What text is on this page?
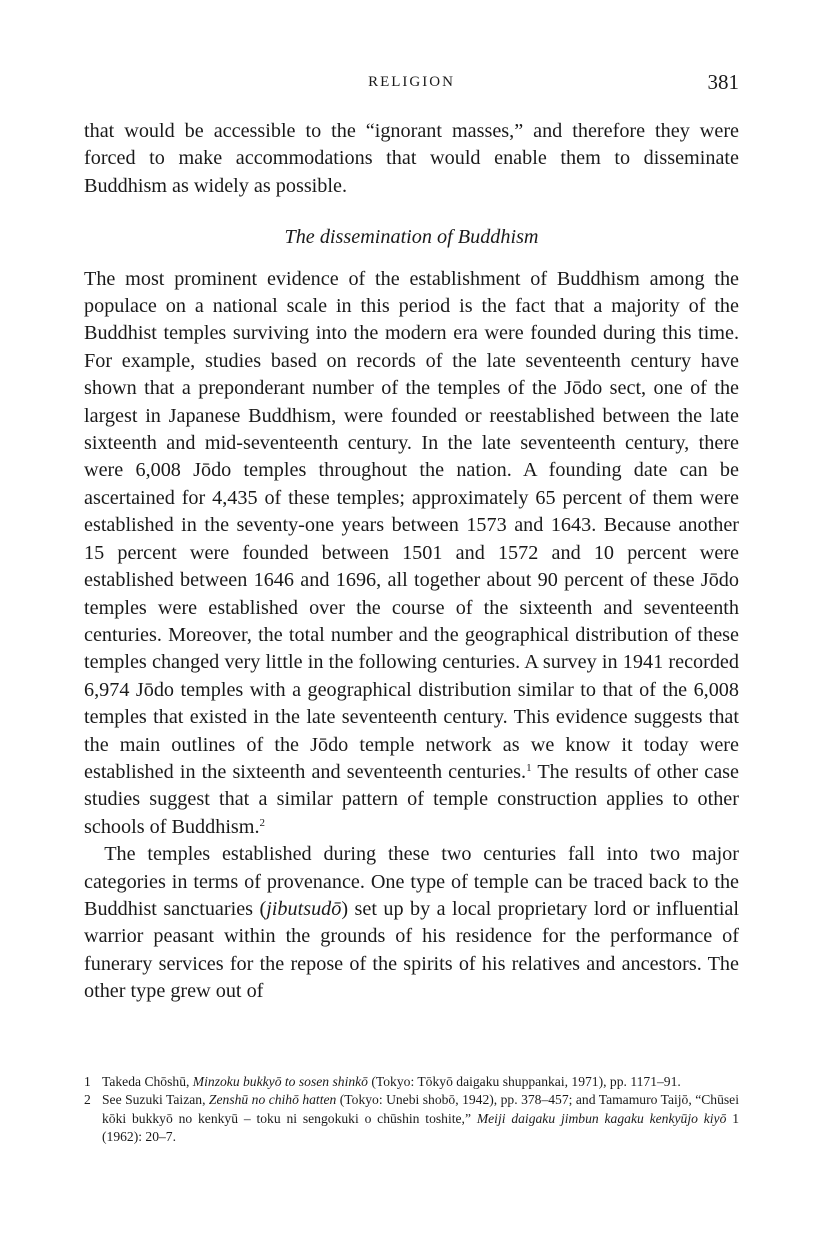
RELIGION	381

that would be accessible to the “ignorant masses,” and therefore they were forced to make accommodations that would enable them to disseminate Buddhism as widely as possible.

The dissemination of Buddhism

The most prominent evidence of the establishment of Buddhism among the populace on a national scale in this period is the fact that a majority of the Buddhist temples surviving into the modern era were founded during this time. For example, studies based on records of the late seventeenth century have shown that a preponderant number of the temples of the Jōdo sect, one of the largest in Japanese Buddhism, were founded or reestablished between the late sixteenth and mid-seventeenth century. In the late seventeenth century, there were 6,008 Jōdo temples throughout the nation. A founding date can be ascertained for 4,435 of these temples; approximately 65 percent of them were established in the seventy-one years between 1573 and 1643. Because another 15 percent were founded between 1501 and 1572 and 10 percent were established between 1646 and 1696, all together about 90 percent of these Jōdo temples were established over the course of the sixteenth and seventeenth centuries. Moreover, the total number and the geographical distribution of these temples changed very little in the following centuries. A survey in 1941 recorded 6,974 Jōdo temples with a geographical distribution similar to that of the 6,008 temples that existed in the late seventeenth century. This evidence suggests that the main outlines of the Jōdo temple network as we know it today were established in the sixteenth and seventeenth centuries.$^1$ The results of other case studies suggest that a similar pattern of temple construction applies to other schools of Buddhism.$^2$

The temples established during these two centuries fall into two major categories in terms of provenance. One type of temple can be traced back to the Buddhist sanctuaries (jibutsudō) set up by a local proprietary lord or influential warrior peasant within the grounds of his residence for the performance of funerary services for the repose of the spirits of his relatives and ancestors. The other type grew out of

1 Takeda Chōshū, Minzoku bukkyō to sosen shinkō (Tokyo: Tōkyō daigaku shuppankai, 1971), pp. 1171–91.

2 See Suzuki Taizan, Zenshū no chihō hatten (Tokyo: Unebi shobō, 1942), pp. 378–457; and Tamamuro Taijō, “Chūsei kōki bukkyō no kenkyū – toku ni sengokuki o chūshin toshite,” Meiji daigaku jimbun kagaku kenkyūjo kiyō 1 (1962): 20–7.
